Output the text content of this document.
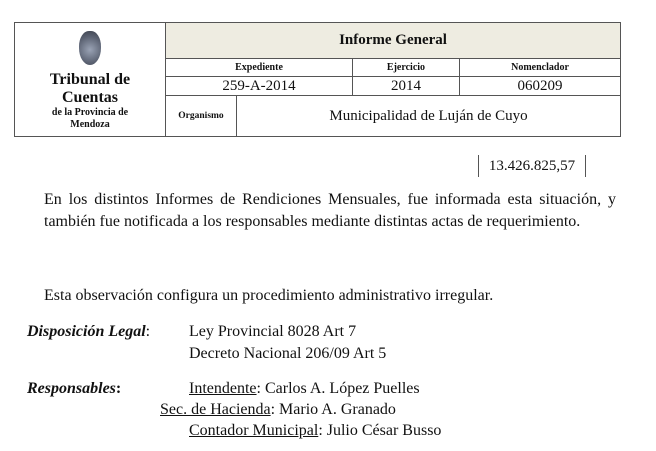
Tribunal de
Cuentas
de la Provincia de
Mendoza	Informe General			
	Expediente		Ejercicio	Nomenclador
	259-A-2014		2014	060209
	Organismo	Municipalidad de Luján de Cuyo		
13.426.825,57
En los distintos Informes de Rendiciones Mensuales, fue informada esta situación, y también fue notificada a los responsables mediante distintas actas de requerimiento.
Esta observación configura un procedimiento administrativo irregular.
Disposición Legal: Ley Provincial 8028 Art 7
Decreto Nacional 206/09 Art 5
Responsables:	Intendente: Carlos A. López Puelles
Sec. de Hacienda: Mario A. Granado
Contador Municipal: Julio César Busso
